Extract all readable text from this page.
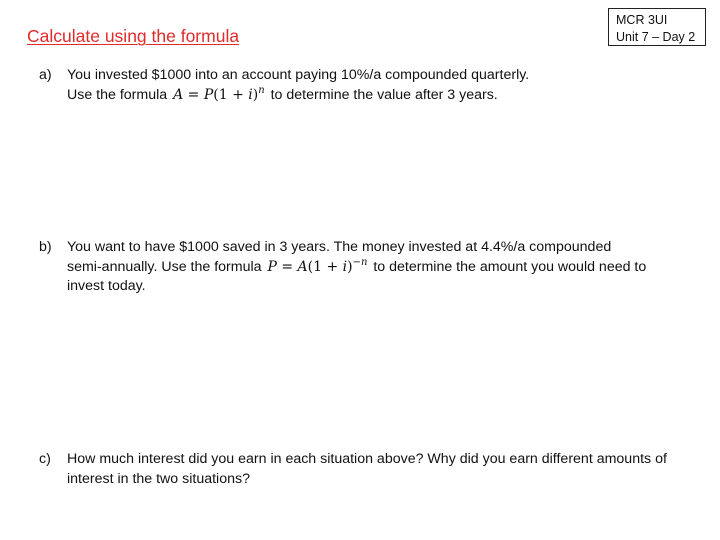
MCR 3UI
Unit 7 – Day 2
Calculate using the formula
a) You invested $1000 into an account paying 10%/a compounded quarterly.
Use the formula $A = P(1 + i)^n$ to determine the value after 3 years.
b) You want to have $1000 saved in 3 years. The money invested at 4.4%/a compounded
semi-annually. Use the formula $P = A(1 + i)^{-n}$ to determine the amount you would need to
invest today.
c) How much interest did you earn in each situation above? Why did you earn different amounts of
interest in the two situations?
